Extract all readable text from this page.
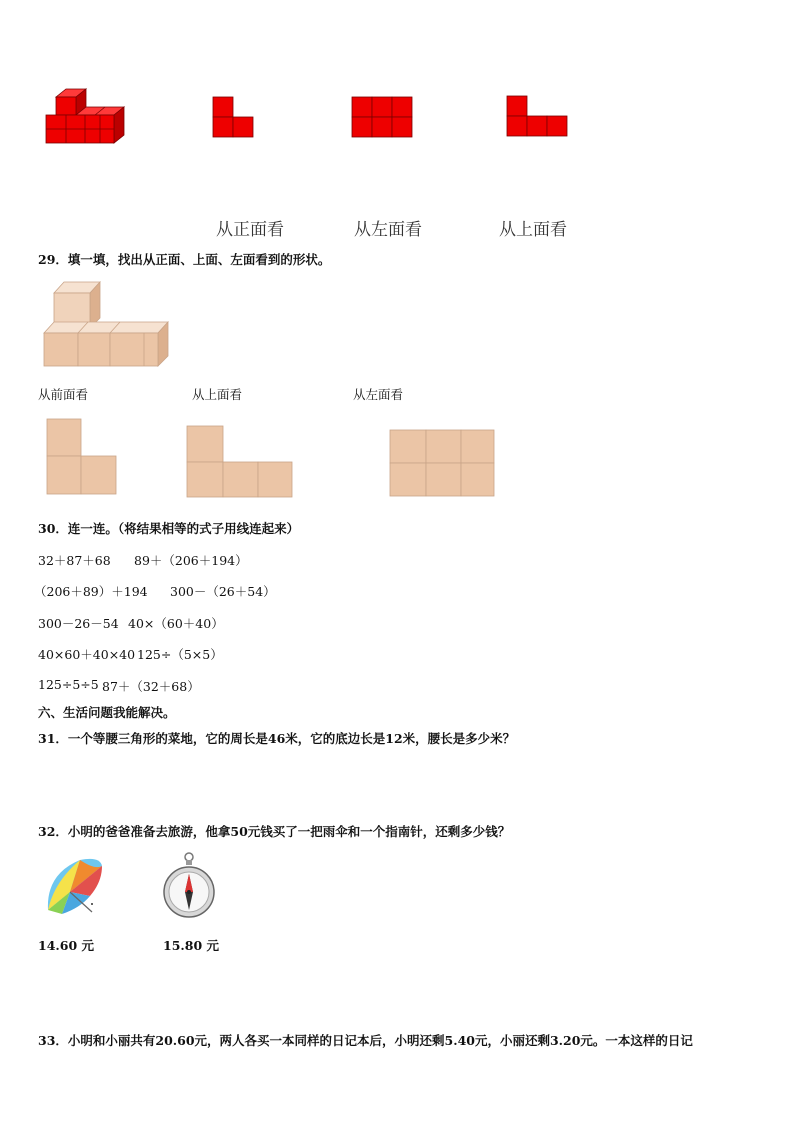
从正面看	从左面看	从上面看
29．填一填，找出从正面、上面、左面看到的形状。
从前面看	从上面看	从左面看
30．连一连。（将结果相等的式子用线连起来）
32＋87＋68 89＋（206＋194）
（206＋89）＋194 300－（26＋54）
300－26－54 40×（60＋40）
40×60＋40×40 125÷（5×5）
125÷5÷5 87＋（32＋68）
六、生活问题我能解决。
31．一个等腰三角形的菜地，它的周长是46米，它的底边长是12米，腰长是多少米？
32．小明的爸爸准备去旅游，他拿50元钱买了一把雨伞和一个指南针，还剩多少钱？
14.60 元	15.80 元
33．小明和小丽共有20.60元，两人各买一本同样的日记本后，小明还剩5.40元，小丽还剩3.20元。一本这样的日记
